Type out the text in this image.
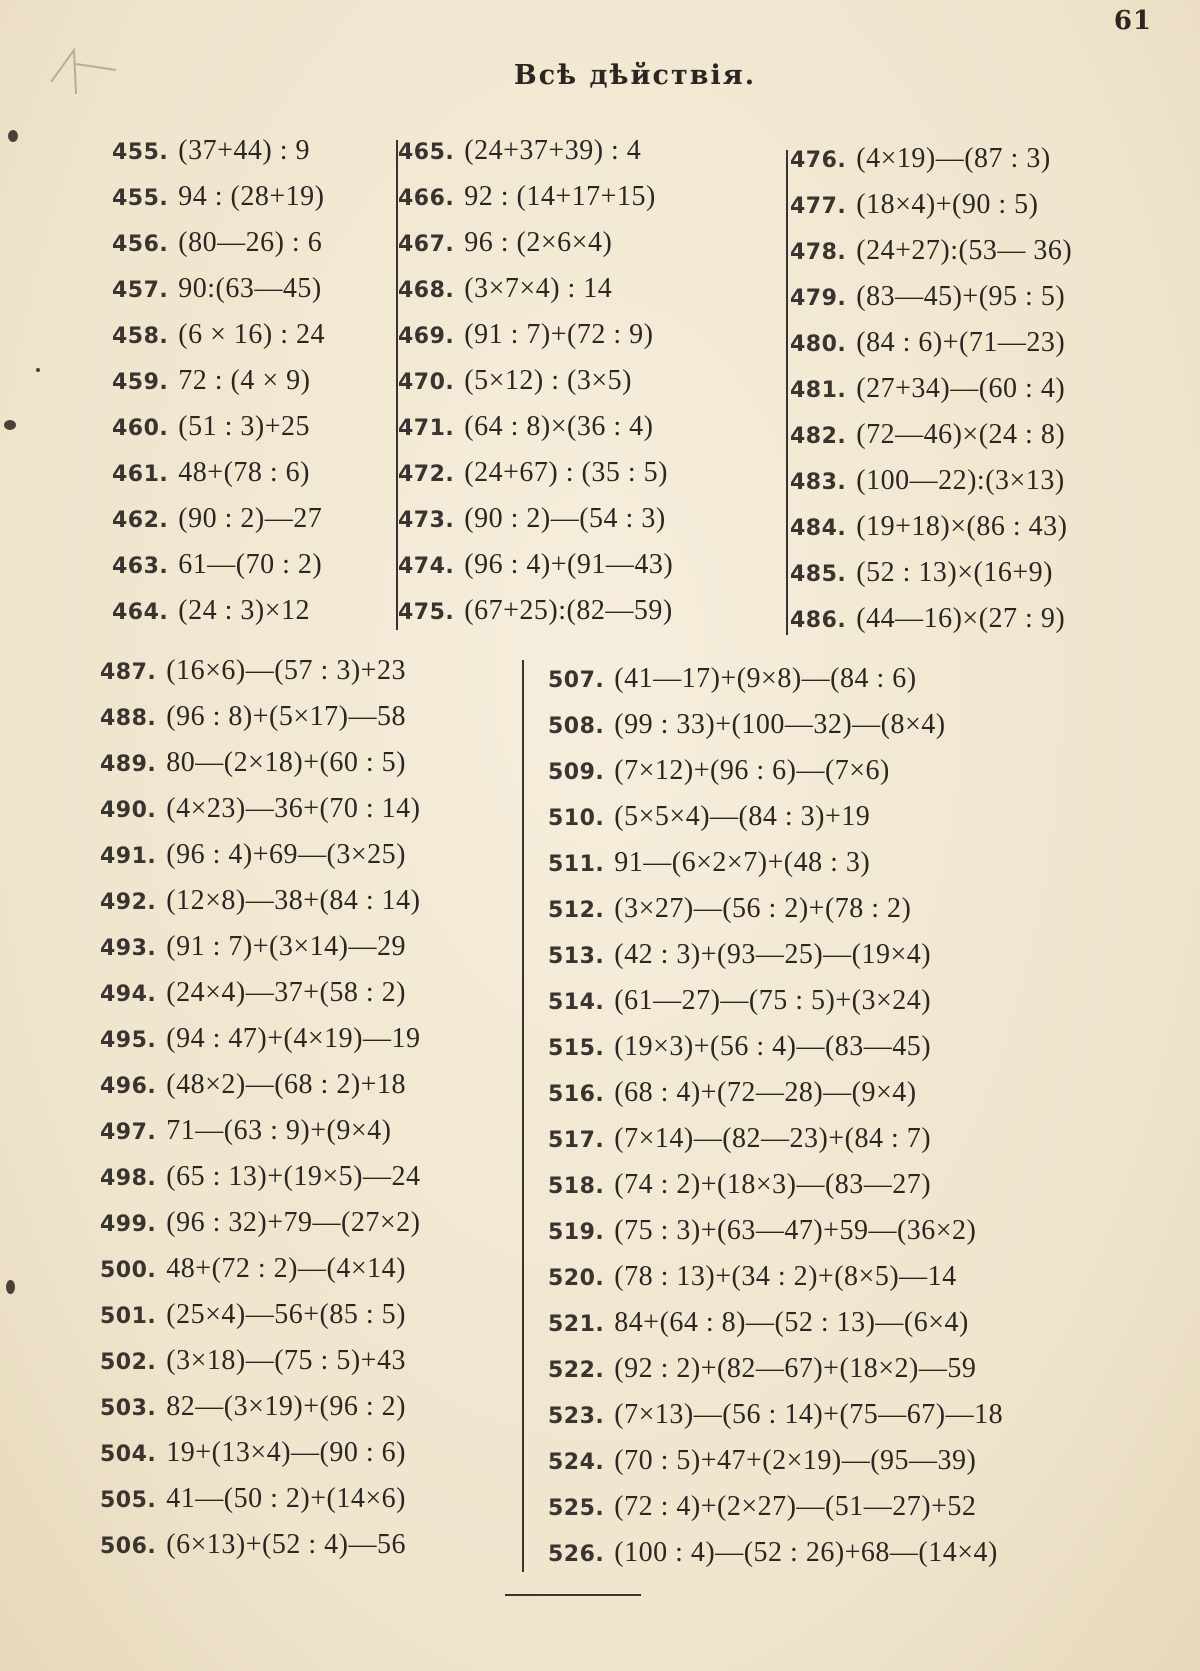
61
Всѣ дѣйствія.
455. (37+44) : 9
455. 94 : (28+19)
456. (80—26) : 6
457. 90:(63—45)
458. (6 × 16) : 24
459. 72 : (4 × 9)
460. (51 : 3)+25
461. 48+(78 : 6)
462. (90 : 2)—27
463. 61—(70 : 2)
464. (24 : 3)×12
465. (24+37+39) : 4
466. 92 : (14+17+15)
467. 96 : (2×6×4)
468. (3×7×4) : 14
469. (91 : 7)+(72 : 9)
470. (5×12) : (3×5)
471. (64 : 8)×(36 : 4)
472. (24+67) : (35 : 5)
473. (90 : 2)—(54 : 3)
474. (96 : 4)+(91—43)
475. (67+25):(82—59)
476. (4×19)—(87 : 3)
477. (18×4)+(90 : 5)
478. (24+27):(53— 36)
479. (83—45)+(95 : 5)
480. (84 : 6)+(71—23)
481. (27+34)—(60 : 4)
482. (72—46)×(24 : 8)
483. (100—22):(3×13)
484. (19+18)×(86 : 43)
485. (52 : 13)×(16+9)
486. (44—16)×(27 : 9)
487. (16×6)—(57 : 3)+23
488. (96 : 8)+(5×17)—58
489. 80—(2×18)+(60 : 5)
490. (4×23)—36+(70 : 14)
491. (96 : 4)+69—(3×25)
492. (12×8)—38+(84 : 14)
493. (91 : 7)+(3×14)—29
494. (24×4)—37+(58 : 2)
495. (94 : 47)+(4×19)—19
496. (48×2)—(68 : 2)+18
497. 71—(63 : 9)+(9×4)
498. (65 : 13)+(19×5)—24
499. (96 : 32)+79—(27×2)
500. 48+(72 : 2)—(4×14)
501. (25×4)—56+(85 : 5)
502. (3×18)—(75 : 5)+43
503. 82—(3×19)+(96 : 2)
504. 19+(13×4)—(90 : 6)
505. 41—(50 : 2)+(14×6)
506. (6×13)+(52 : 4)—56
507. (41—17)+(9×8)—(84 : 6)
508. (99 : 33)+(100—32)—(8×4)
509. (7×12)+(96 : 6)—(7×6)
510. (5×5×4)—(84 : 3)+19
511. 91—(6×2×7)+(48 : 3)
512. (3×27)—(56 : 2)+(78 : 2)
513. (42 : 3)+(93—25)—(19×4)
514. (61—27)—(75 : 5)+(3×24)
515. (19×3)+(56 : 4)—(83—45)
516. (68 : 4)+(72—28)—(9×4)
517. (7×14)—(82—23)+(84 : 7)
518. (74 : 2)+(18×3)—(83—27)
519. (75 : 3)+(63—47)+59—(36×2)
520. (78 : 13)+(34 : 2)+(8×5)—14
521. 84+(64 : 8)—(52 : 13)—(6×4)
522. (92 : 2)+(82—67)+(18×2)—59
523. (7×13)—(56 : 14)+(75—67)—18
524. (70 : 5)+47+(2×19)—(95—39)
525. (72 : 4)+(2×27)—(51—27)+52
526. (100 : 4)—(52 : 26)+68—(14×4)
